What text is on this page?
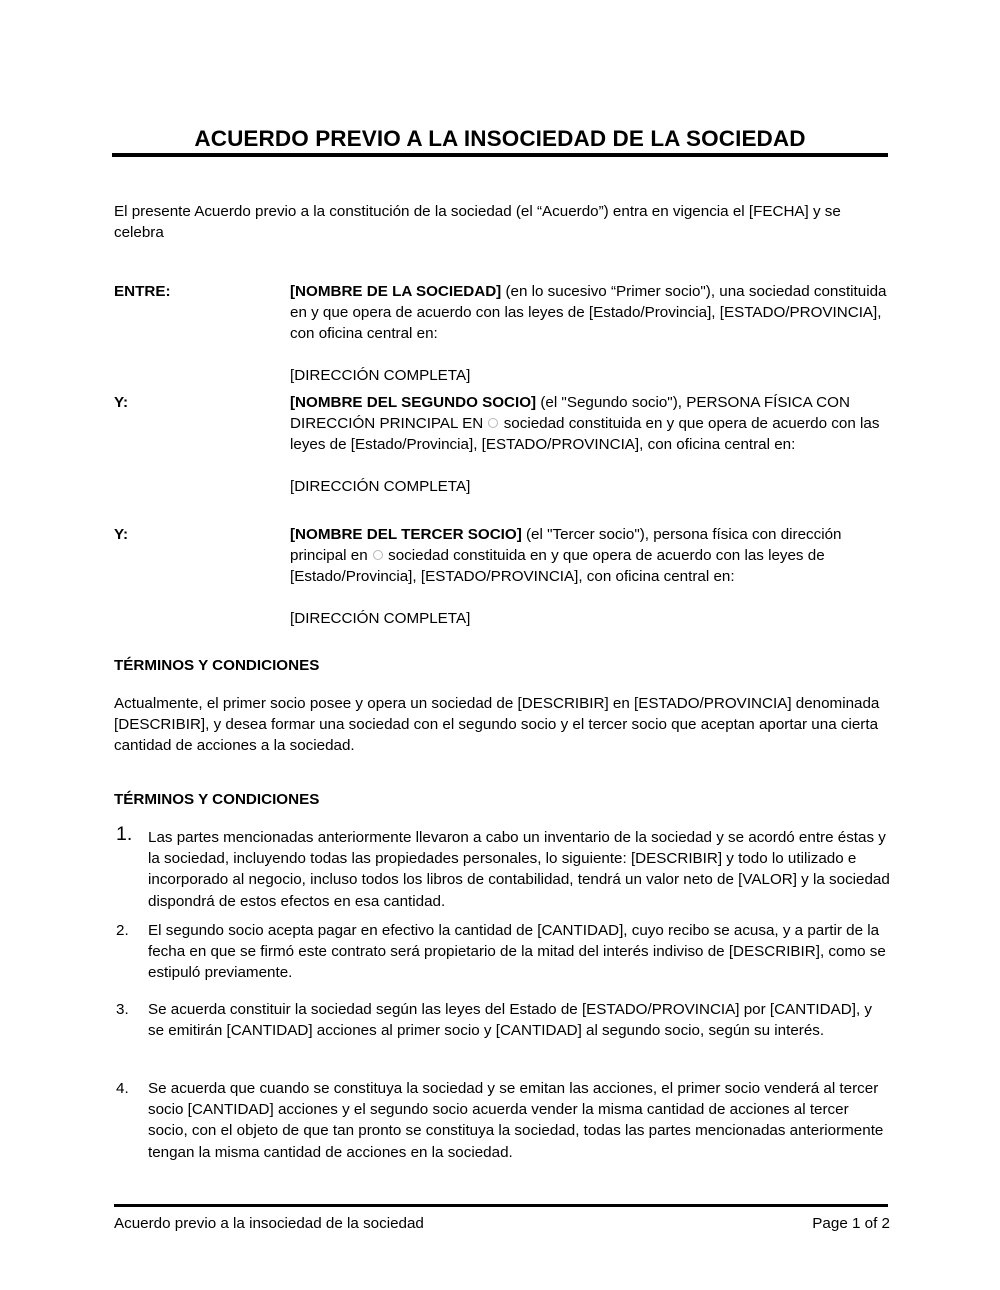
ACUERDO PREVIO A LA INSOCIEDAD DE LA SOCIEDAD
El presente Acuerdo previo a la constitución de la sociedad (el “Acuerdo”) entra en vigencia el [FECHA] y se celebra
ENTRE:	[NOMBRE DE LA SOCIEDAD] (en lo sucesivo “Primer socio"), una sociedad constituida en y que opera de acuerdo con las leyes de [Estado/Provincia], [ESTADO/PROVINCIA], con oficina central en:
[DIRECCIÓN COMPLETA]
Y:	[NOMBRE DEL SEGUNDO SOCIO] (el "Segundo socio"), PERSONA FÍSICA CON DIRECCIÓN PRINCIPAL EN  sociedad constituida en y que opera de acuerdo con las leyes de [Estado/Provincia], [ESTADO/PROVINCIA], con oficina central en:
[DIRECCIÓN COMPLETA]
Y:	[NOMBRE DEL TERCER SOCIO] (el "Tercer socio"), persona física con dirección principal en  sociedad constituida en y que opera de acuerdo con las leyes de [Estado/Provincia], [ESTADO/PROVINCIA], con oficina central en:
[DIRECCIÓN COMPLETA]
TÉRMINOS Y CONDICIONES
Actualmente, el primer socio posee y opera un sociedad de [DESCRIBIR] en [ESTADO/PROVINCIA] denominada [DESCRIBIR], y desea formar una sociedad con el segundo socio y el tercer socio que aceptan aportar una cierta cantidad de acciones a la sociedad.
TÉRMINOS Y CONDICIONES
1.	Las partes mencionadas anteriormente llevaron a cabo un inventario de la sociedad y se acordó entre éstas y la sociedad, incluyendo todas las propiedades personales, lo siguiente: [DESCRIBIR] y todo lo utilizado e incorporado al negocio, incluso todos los libros de contabilidad, tendrá un valor neto de [VALOR] y la sociedad dispondrá de estos efectos en esa cantidad.
2.	El segundo socio acepta pagar en efectivo la cantidad de [CANTIDAD], cuyo recibo se acusa, y a partir de la fecha en que se firmó este contrato será propietario de la mitad del interés indiviso de [DESCRIBIR], como se estipuló previamente.
3.	Se acuerda constituir la sociedad según las leyes del Estado de [ESTADO/PROVINCIA] por [CANTIDAD], y se emitirán [CANTIDAD] acciones al primer socio y [CANTIDAD] al segundo socio, según su interés.
4.	Se acuerda que cuando se constituya la sociedad y se emitan las acciones, el primer socio venderá al tercer socio [CANTIDAD] acciones y el segundo socio acuerda vender la misma cantidad de acciones al tercer socio, con el objeto de que tan pronto se constituya la sociedad, todas las partes mencionadas anteriormente tengan la misma cantidad de acciones en la sociedad.
Acuerdo previo a la insociedad de la sociedad	Page 1 of 2
